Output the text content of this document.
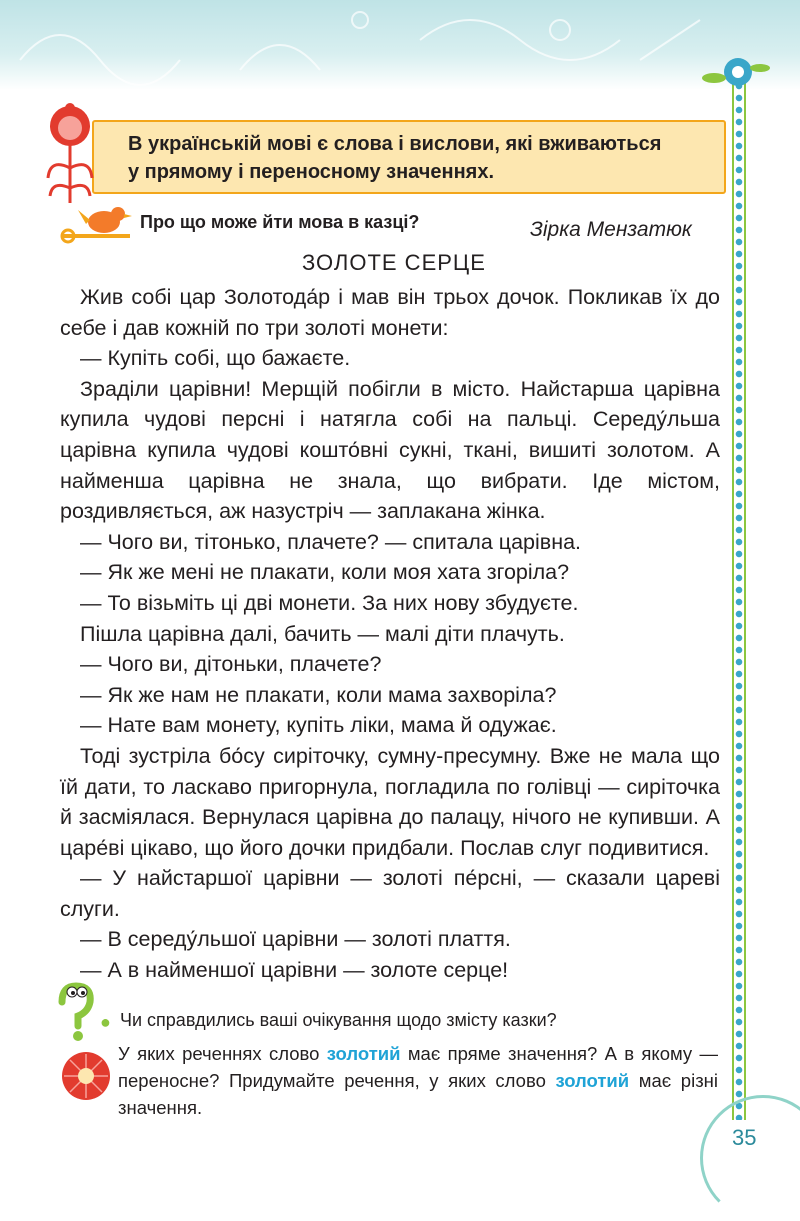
В українській мові є слова і вислови, які вживаються
у прямому і переносному значеннях.
Про що може йти мова в казці?	Зірка Мензатюк
ЗОЛОТЕ СЕРЦЕ

Жив собі цар Золотода́р і мав він трьох дочок. Покликав їх до себе і дав кожній по три золоті монети:

— Купіть собі, що бажаєте.

Зраділи царівни! Мерщій побігли в місто. Найстарша царівна купила чудові персні і натягла собі на пальці. Середу́льша царівна купила чудові кошто́вні сукні, ткані, вишиті золотом. А найменша царівна не знала, що вибрати. Іде містом, роздивляється, аж назустріч — заплакана жінка.

— Чого ви, тітонько, плачете? — спитала царівна.

— Як же мені не плакати, коли моя хата згоріла?

— То візьміть ці дві монети. За них нову збудуєте.

Пішла царівна далі, бачить — малі діти плачуть.

— Чого ви, дітоньки, плачете?

— Як же нам не плакати, коли мама захворіла?

— Нате вам монету, купіть ліки, мама й одужає.

Тоді зустріла бо́су сиріточку, сумну-пресумну. Вже не мала що їй дати, то ласкаво пригорнула, погладила по голівці — сиріточка й засміялася. Вернулася царівна до палацу, нічого не купивши. А царе́ві цікаво, що його дочки придбали. Послав слуг подивитися.

— У найстаршої царівни — золоті пе́рсні, — сказали цареві слуги.

— В середу́льшої царівни — золоті плаття.

— А в найменшої царівни — золоте серце!

● Чи справдились ваші очікування щодо змісту казки?
У яких реченнях слово золотий має пряме значення? А в якому — переносне? Придумайте речення, у яких слово золотий має різні значення.
35
